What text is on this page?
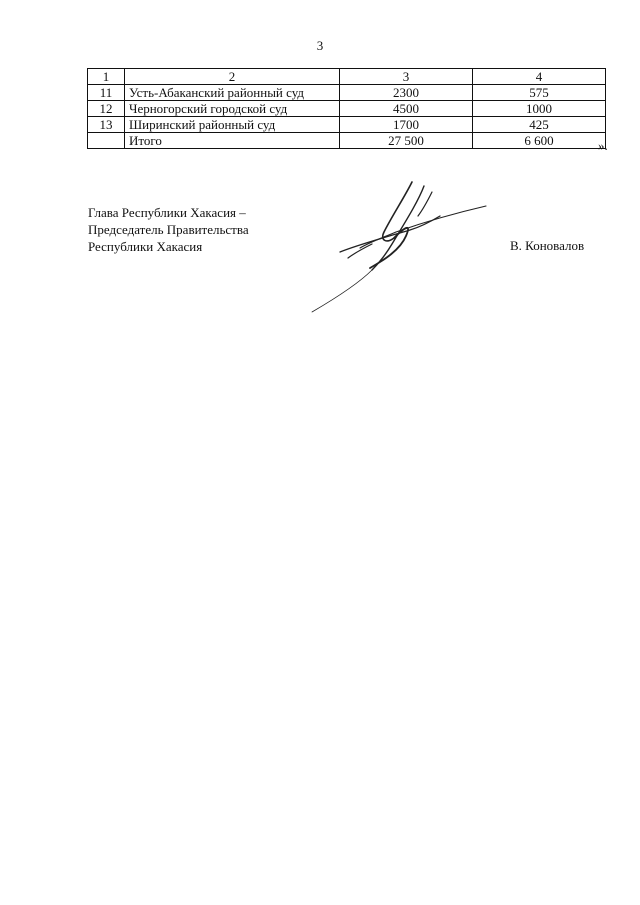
3
1	2	3	4
11	Усть-Абаканский районный суд	2300	575
12	Черногорский городской суд	4500	1000
13	Ширинский районный суд	1700	425
	Итого	27 500	6 600	».
Глава Республики Хакасия –
Председатель Правительства
Республики Хакасия	В. Коновалов
